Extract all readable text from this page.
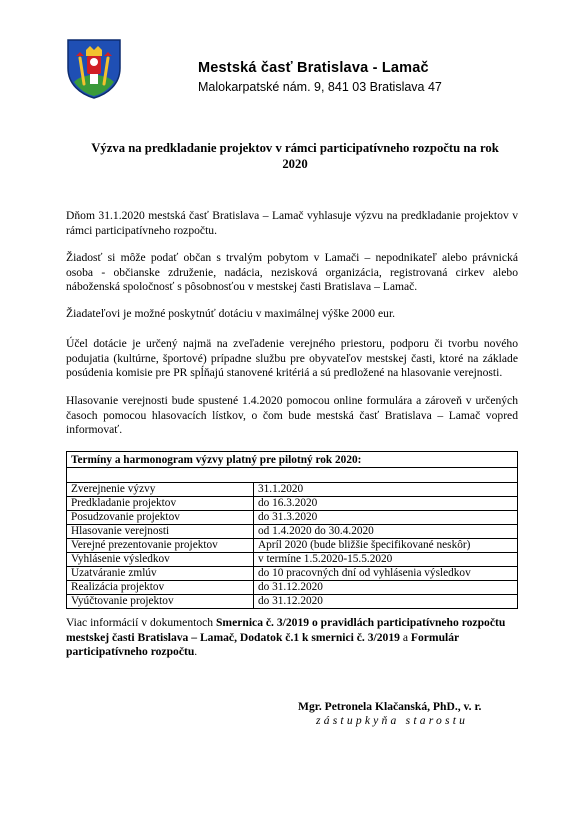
Mestská časť Bratislava - Lamač
Malokarpatské nám. 9, 841 03 Bratislava 47
Výzva na predkladanie projektov v rámci participatívneho rozpočtu na rok
2020
Dňom 31.1.2020 mestská časť Bratislava – Lamač vyhlasuje výzvu na predkladanie projektov v rámci participatívneho rozpočtu.
Žiadosť si môže podať občan s trvalým pobytom v Lamači – nepodnikateľ alebo právnická osoba - občianske združenie, nadácia, nezisková organizácia, registrovaná cirkev alebo náboženská spoločnosť s pôsobnosťou v mestskej časti Bratislava – Lamač.
Žiadateľovi je možné poskytnúť dotáciu v maximálnej výške 2000 eur.
Účel dotácie je určený najmä na zveľadenie verejného priestoru, podporu či tvorbu nového podujatia (kultúrne, športové) prípadne službu pre obyvateľov mestskej časti, ktoré na základe posúdenia komisie pre PR spĺňajú stanovené kritériá a sú predložené na hlasovanie verejnosti.
Hlasovanie verejnosti bude spustené 1.4.2020 pomocou online formulára a zároveň v určených časoch pomocou hlasovacích lístkov, o čom bude mestská časť Bratislava – Lamač vopred informovať.
Termíny a harmonogram výzvy platný pre pilotný rok 2020:	

Zverejnenie výzvy	31.1.2020
Predkladanie projektov	do 16.3.2020
Posudzovanie projektov	do 31.3.2020
Hlasovanie verejnosti	od 1.4.2020 do 30.4.2020
Verejné prezentovanie projektov	Apríl 2020 (bude bližšie špecifikované neskôr)
Vyhlásenie výsledkov	v termíne 1.5.2020-15.5.2020
Uzatváranie zmlúv	do 10 pracovných dní od vyhlásenia výsledkov
Realizácia projektov	do 31.12.2020
Vyúčtovanie projektov	do 31.12.2020
Viac informácií v dokumentoch Smernica č. 3/2019 o pravidlách participatívneho rozpočtu mestskej časti Bratislava – Lamač, Dodatok č.1 k smernici č. 3/2019 a Formulár participatívneho rozpočtu.
Mgr. Petronela Klačanská, PhD., v. r.
zástupkyňa starostu
